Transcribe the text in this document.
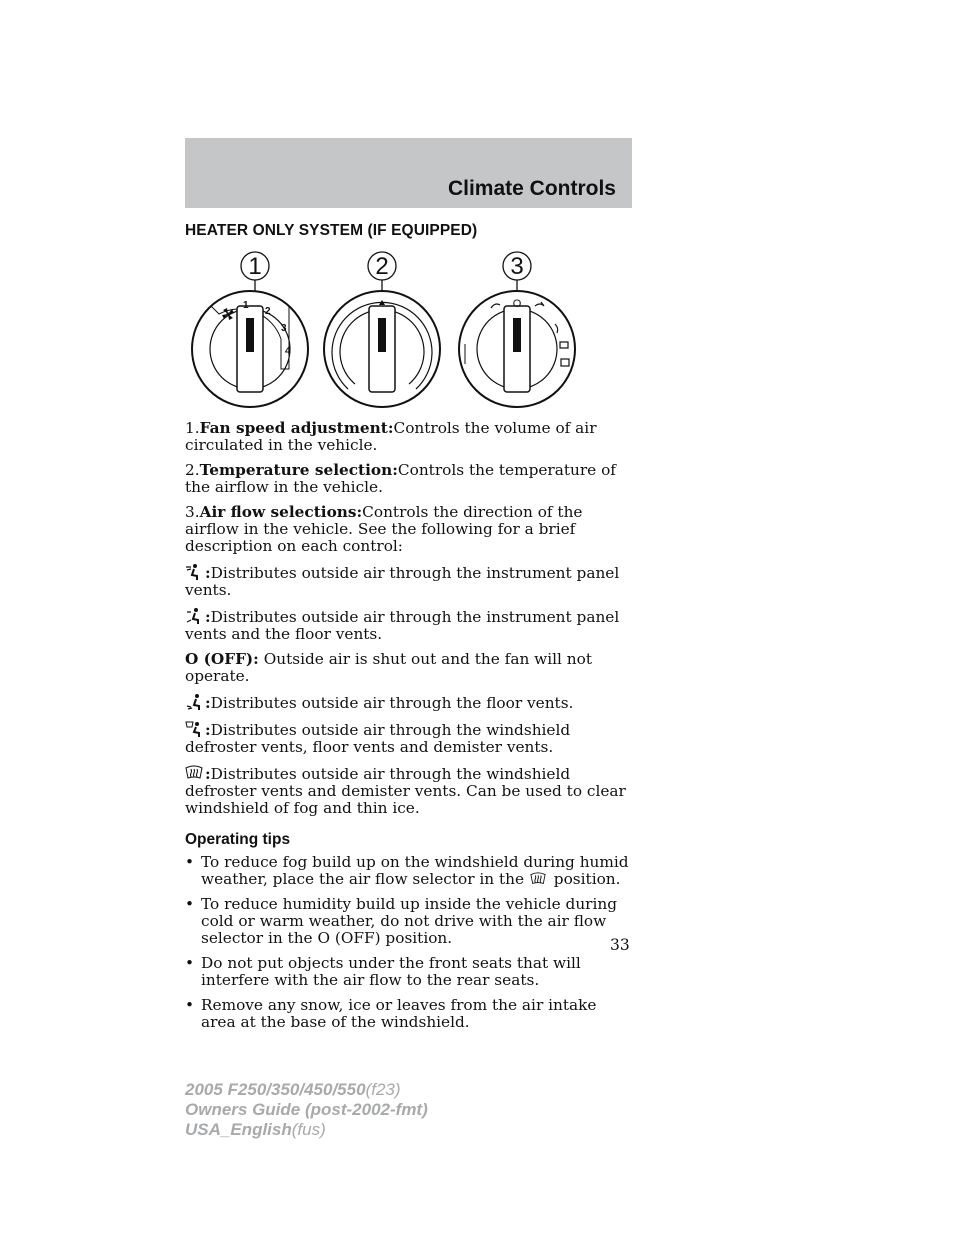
Climate Controls
HEATER ONLY SYSTEM (IF EQUIPPED)
1	2	3
1
2
3
4
O

1.Fan speed adjustment:Controls the volume of air circulated in the vehicle.

2.Temperature selection:Controls the temperature of the airflow in the vehicle.

3.Air flow selections:Controls the direction of the airflow in the vehicle. See the following for a brief description on each control:

:Distributes outside air through the instrument panel vents.

:Distributes outside air through the instrument panel vents and the floor vents.

O (OFF): Outside air is shut out and the fan will not operate.

:Distributes outside air through the floor vents.

:Distributes outside air through the windshield defroster vents, floor vents and demister vents.

:Distributes outside air through the windshield defroster vents and demister vents. Can be used to clear windshield of fog and thin ice.

Operating tips
• To reduce fog build up on the windshield during humid weather, place the air flow selector in the position.
• To reduce humidity build up inside the vehicle during cold or warm weather, do not drive with the air flow selector in the O (OFF) position.
• Do not put objects under the front seats that will interfere with the air flow to the rear seats.
• Remove any snow, ice or leaves from the air intake area at the base of the windshield.
33
2005 F250/350/450/550(f23)
Owners Guide (post-2002-fmt)
USA_English(fus)
